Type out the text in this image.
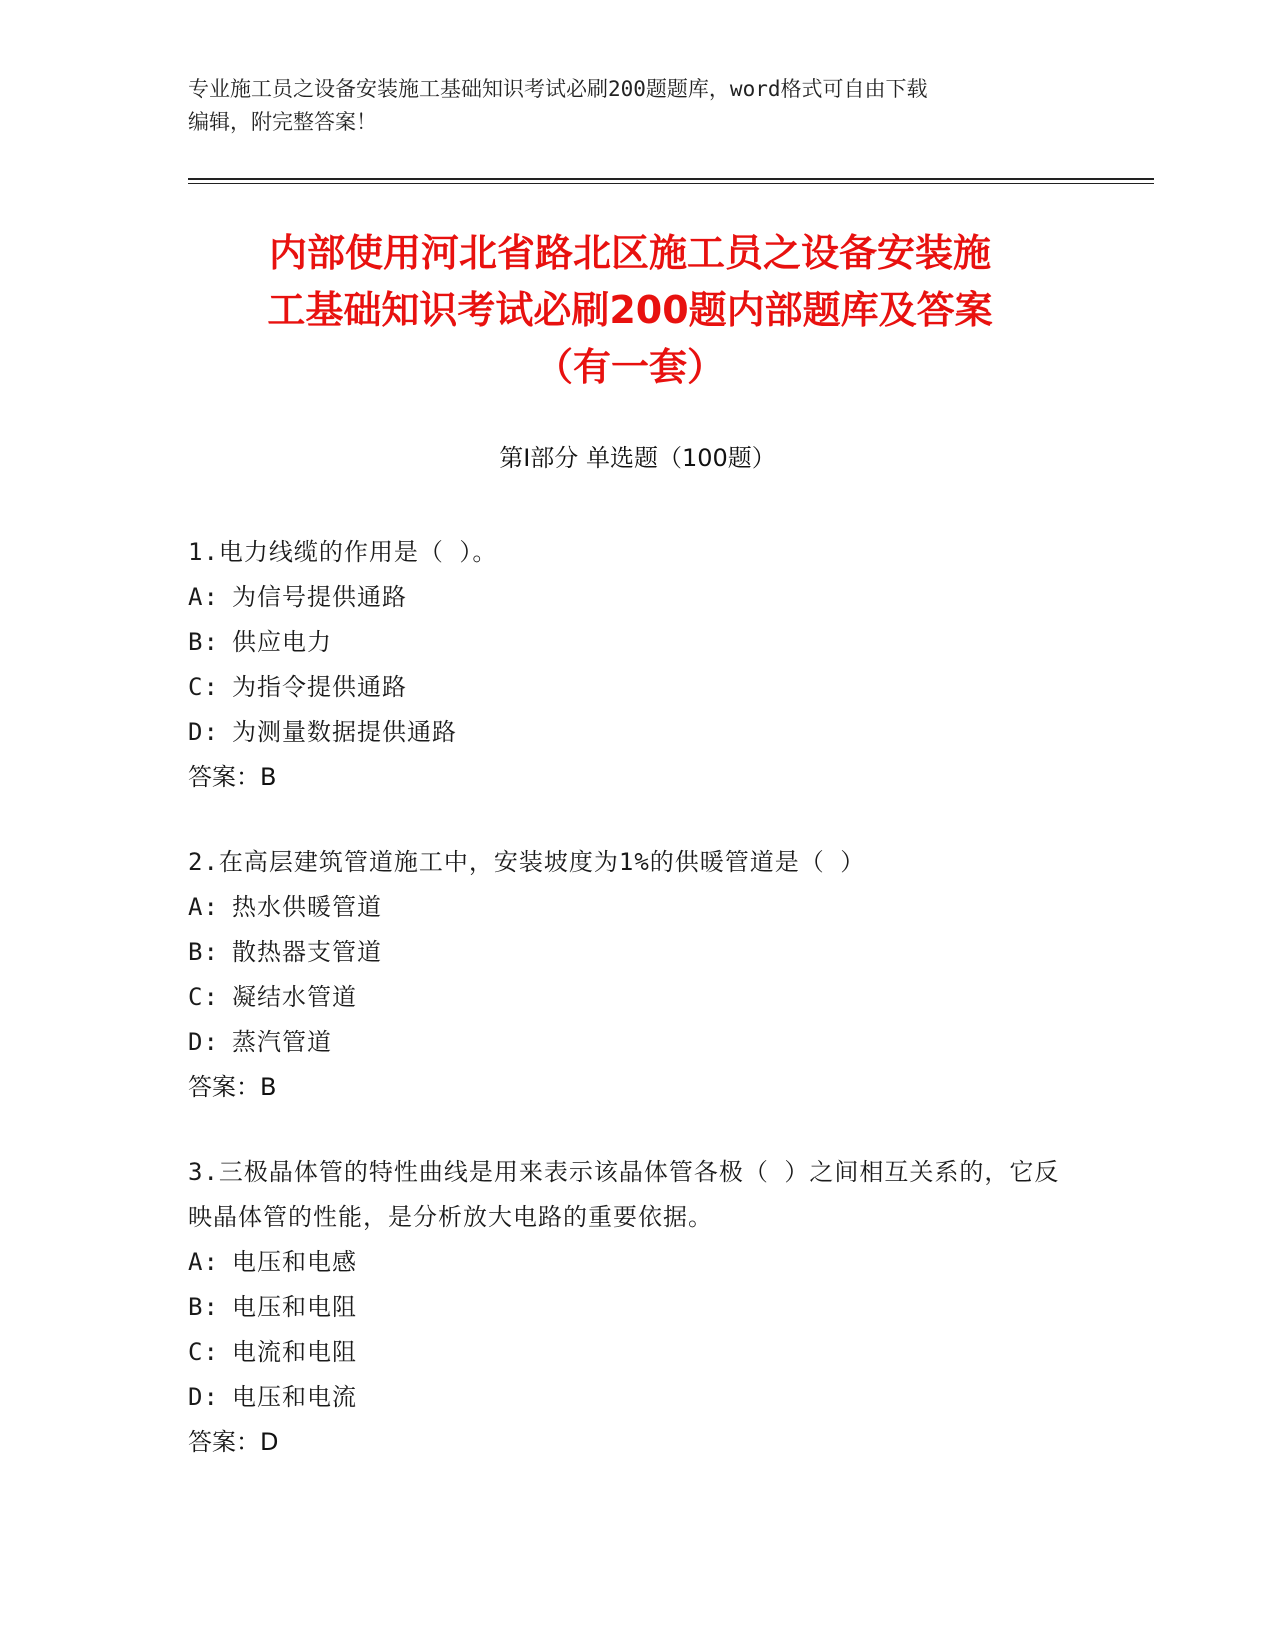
专业施工员之设备安装施工基础知识考试必刷200题题库，word格式可自由下载
编辑，附完整答案！
内部使用河北省路北区施工员之设备安装施
工基础知识考试必刷200题内部题库及答案
（有一套）
第Ⅰ部分 单选题（100题）
1.电力线缆的作用是（ ）。
A: 为信号提供通路
B: 供应电力
C: 为指令提供通路
D: 为测量数据提供通路
答案：B
2.在高层建筑管道施工中，安装坡度为1%的供暖管道是（ ）
A: 热水供暖管道
B: 散热器支管道
C: 凝结水管道
D: 蒸汽管道
答案：B
3.三极晶体管的特性曲线是用来表示该晶体管各极（ ）之间相互关系的，它反映晶体管的性能，是分析放大电路的重要依据。
A: 电压和电感
B: 电压和电阻
C: 电流和电阻
D: 电压和电流
答案：D
